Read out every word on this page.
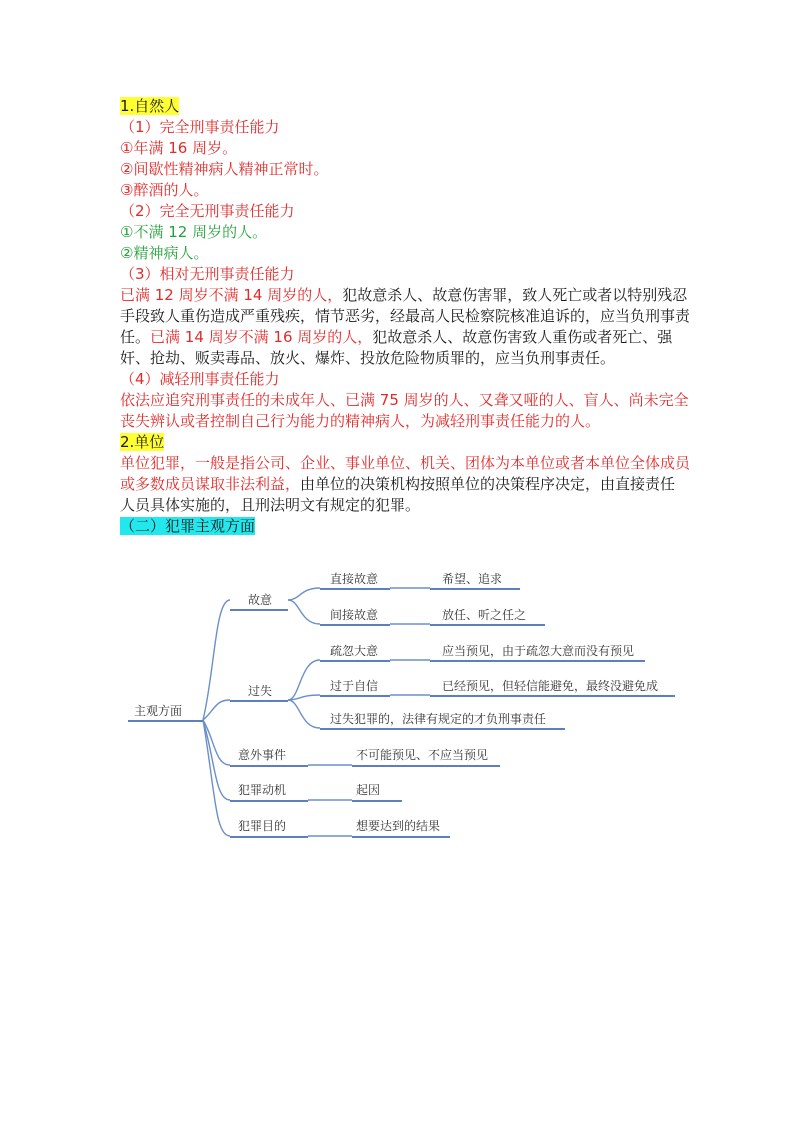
1.自然人
（1）完全刑事责任能力
①年满 16 周岁。
②间歇性精神病人精神正常时。
③醉酒的人。
（2）完全无刑事责任能力
①不满 12 周岁的人。
②精神病人。
（3）相对无刑事责任能力
已满 12 周岁不满 14 周岁的人，犯故意杀人、故意伤害罪，致人死亡或者以特别残忍手段致人重伤造成严重残疾，情节恶劣，经最高人民检察院核准追诉的，应当负刑事责任。已满 14 周岁不满 16 周岁的人，犯故意杀人、故意伤害致人重伤或者死亡、强奸、抢劫、贩卖毒品、放火、爆炸、投放危险物质罪的，应当负刑事责任。
（4）减轻刑事责任能力
依法应追究刑事责任的未成年人、已满 75 周岁的人、又聋又哑的人、盲人、尚未完全丧失辨认或者控制自己行为能力的精神病人，为减轻刑事责任能力的人。
2.单位
单位犯罪，一般是指公司、企业、事业单位、机关、团体为本单位或者本单位全体成员或多数成员谋取非法利益，由单位的决策机构按照单位的决策程序决定，由直接责任人员具体实施的，且刑法明文有规定的犯罪。
（二）犯罪主观方面
主观方面
故意
过失
意外事件
犯罪动机
犯罪目的
直接故意
间接故意
疏忽大意
过于自信
过失犯罪的，法律有规定的才负刑事责任
希望、追求
放任、听之任之
应当预见，由于疏忽大意而没有预见
已经预见，但轻信能避免，最终没避免成
不可能预见、不应当预见
起因
想要达到的结果
